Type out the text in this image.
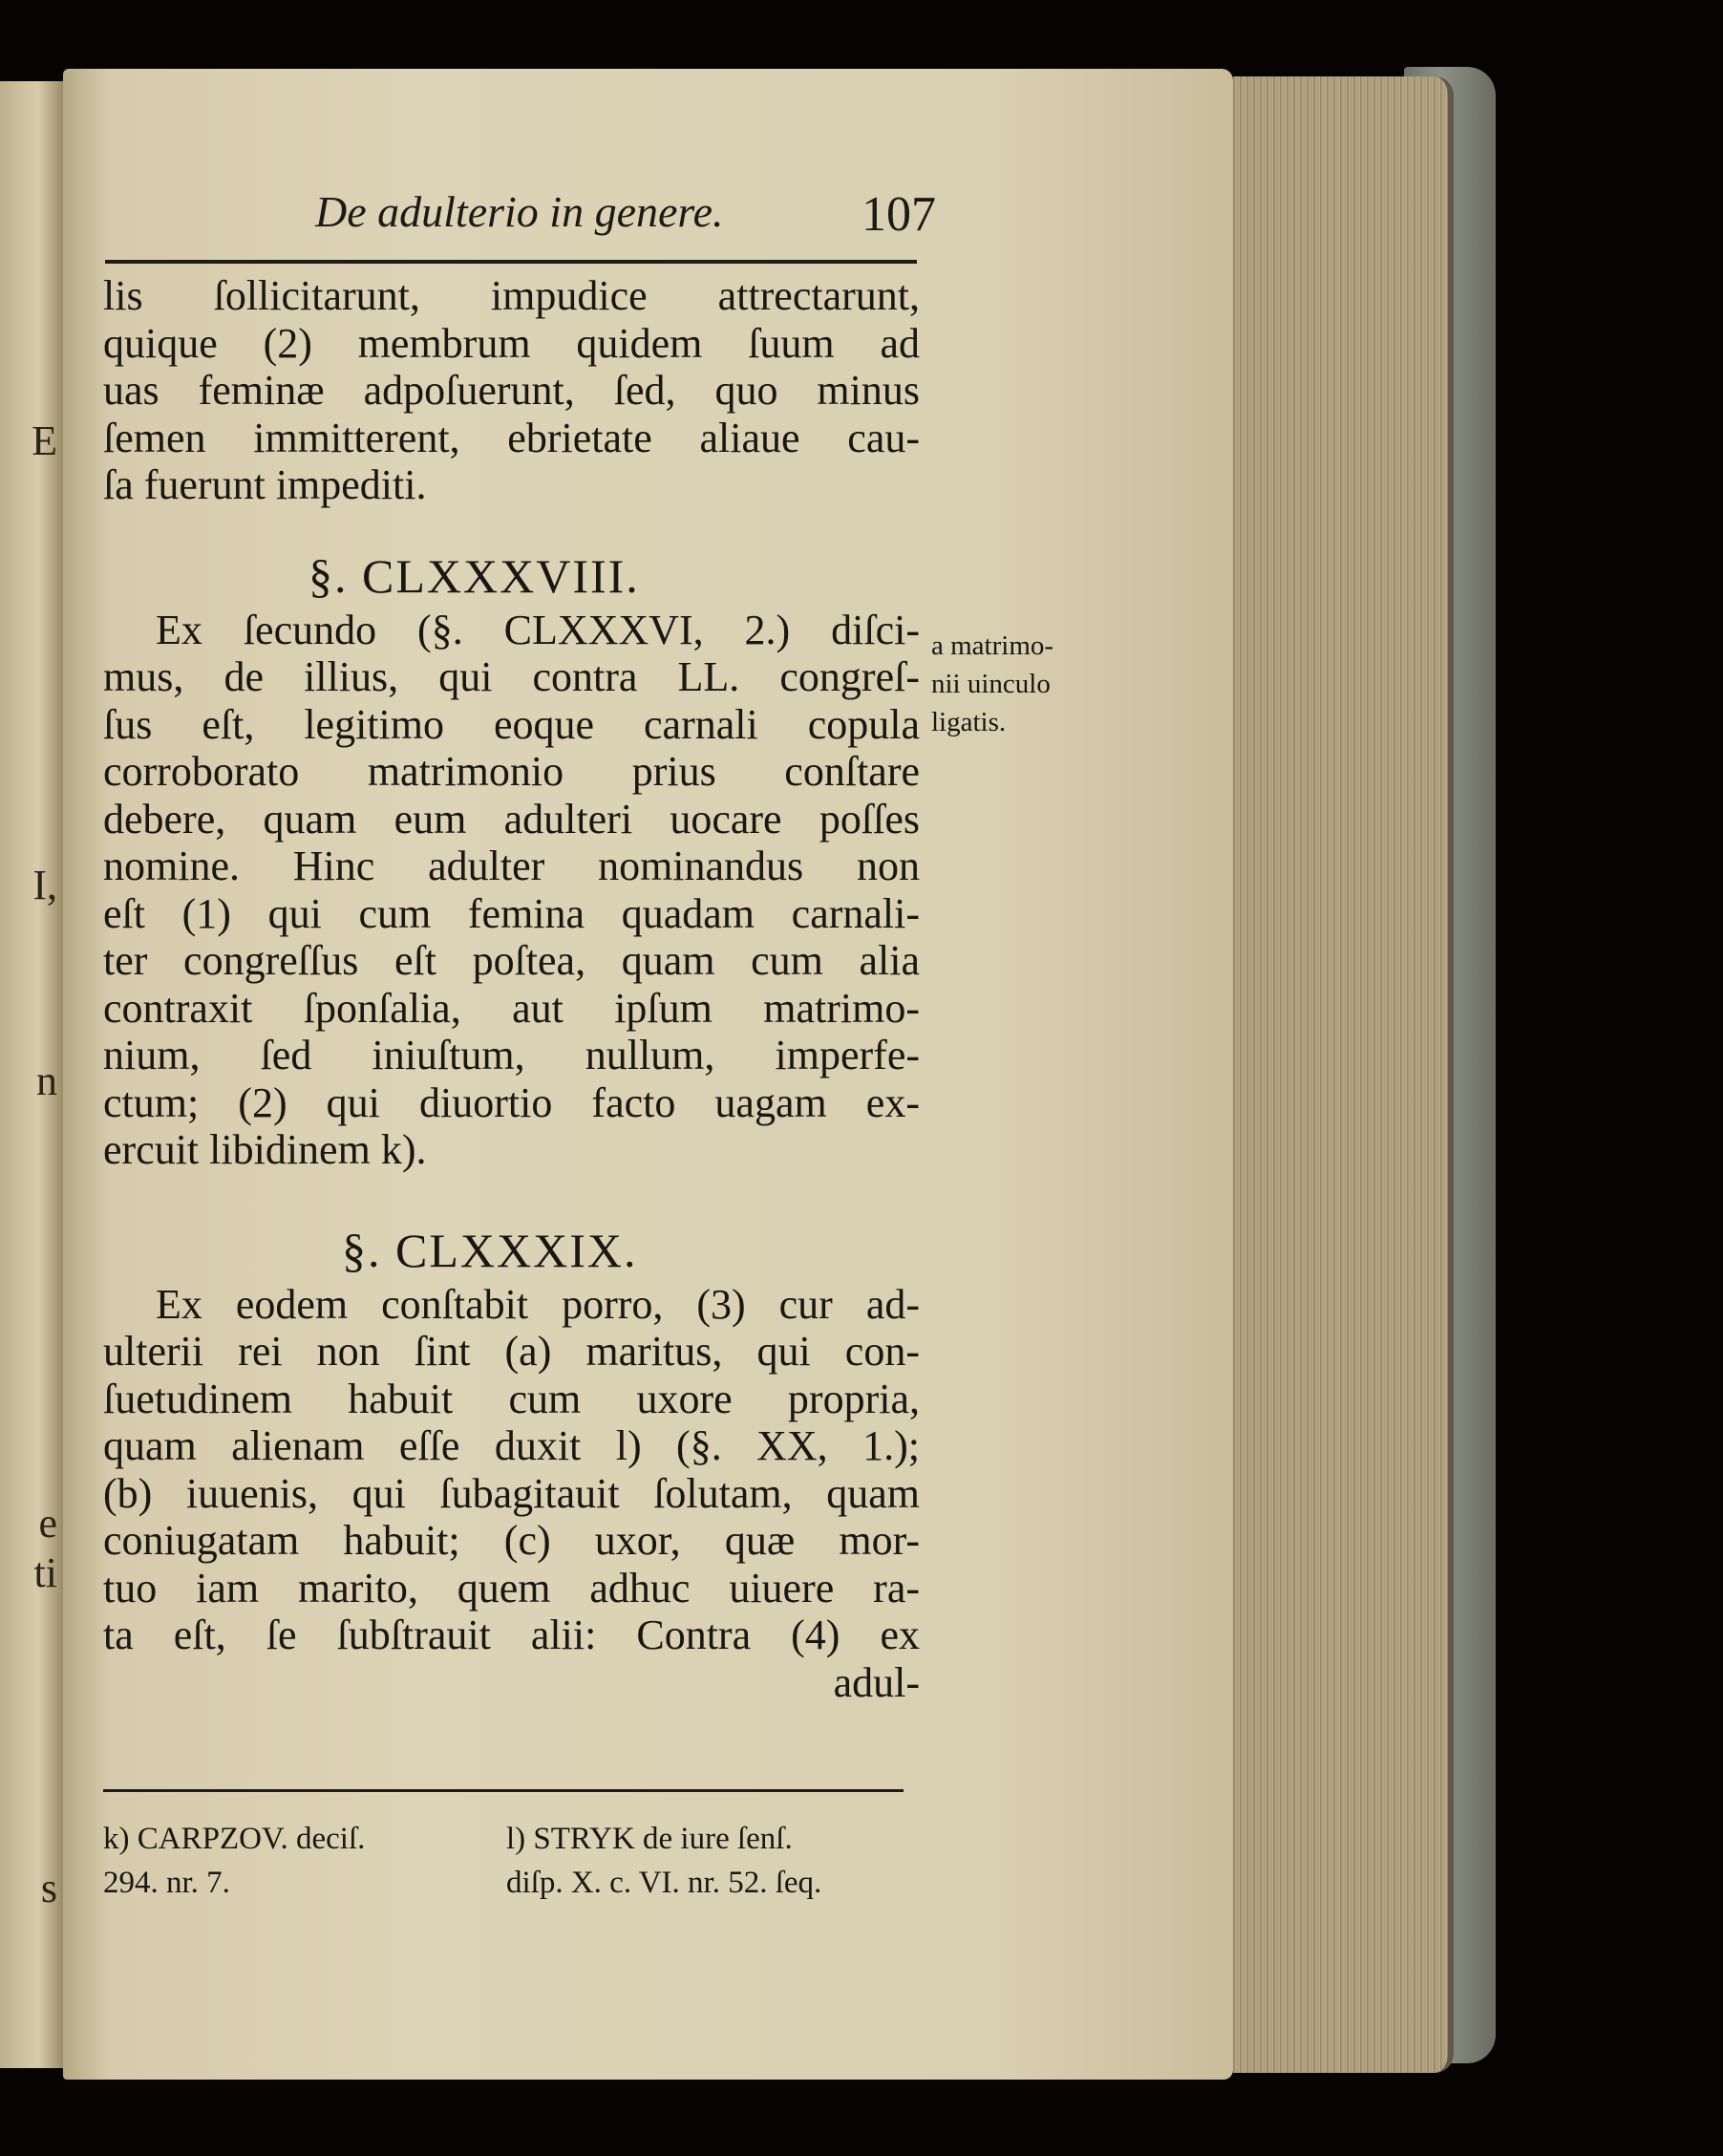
E
I,
n
e
ti
s
De adulterio in genere.	107
lis ſollicitarunt, impudice attrectarunt,
quique (2) membrum quidem ſuum ad
uas feminæ adpoſuerunt, ſed, quo minus
ſemen immitterent, ebrietate aliaue cau-
ſa fuerunt impediti.
§. CLXXXVIII.
Ex ſecundo (§. CLXXXVI, 2.) diſci-
mus, de illius, qui contra LL. congreſ-
ſus eſt, legitimo eoque carnali copula
corroborato matrimonio prius conſtare
debere, quam eum adulteri uocare poſſes
nomine. Hinc adulter nominandus non
eſt (1) qui cum femina quadam carnali-
ter congreſſus eſt poſtea, quam cum alia
contraxit ſponſalia, aut ipſum matrimo-
nium, ſed iniuſtum, nullum, imperfe-
ctum; (2) qui diuortio facto uagam ex-
ercuit libidinem k).
§. CLXXXIX.
Ex eodem conſtabit porro, (3) cur ad-
ulterii rei non ſint (a) maritus, qui con-
ſuetudinem habuit cum uxore propria,
quam alienam eſſe duxit l) (§. XX, 1.);
(b) iuuenis, qui ſubagitauit ſolutam, quam
coniugatam habuit; (c) uxor, quæ mor-
tuo iam marito, quem adhuc uiuere ra-
ta eſt, ſe ſubſtrauit alii: Contra (4) ex
adul-
a matrimo-
nii uinculo
ligatis.
k) CARPZOV. deciſ.
294. nr. 7.
l) STRYK de iure ſenſ.
diſp. X. c. VI. nr. 52. ſeq.
